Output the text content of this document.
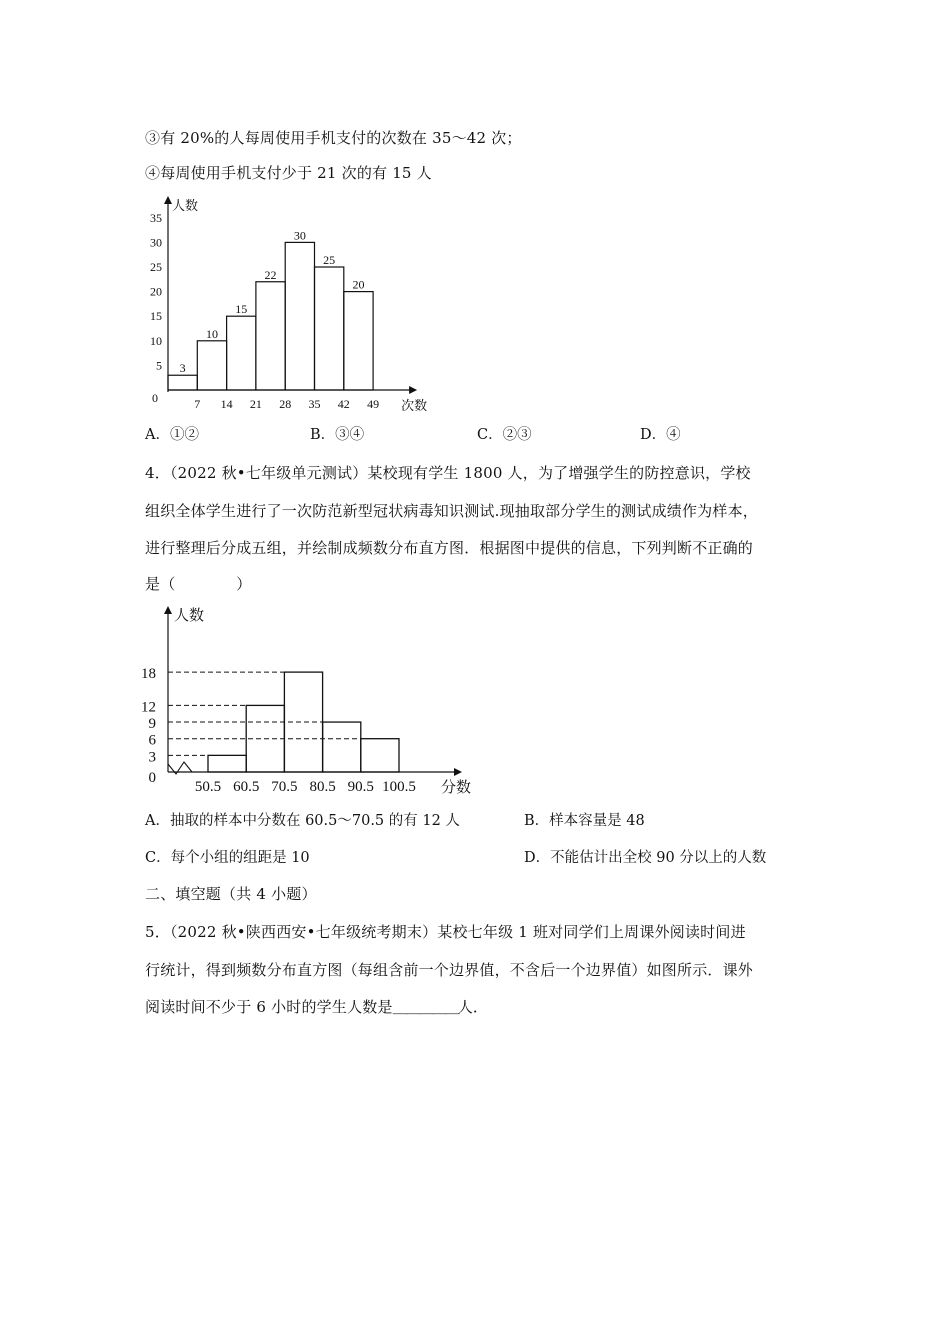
③有 20%的人每周使用手机支付的次数在 35～42 次；
④每周使用手机支付少于 21 次的有 15 人
人数
次数
0
5
10
15
20
25
30
35
7 14 21 28 35 42 49
3
10
15
22
30
25
20
A．①②	B．③④	C．②③	D．④
4．（2022 秋•七年级单元测试）某校现有学生 1800 人，为了增强学生的防控意识，学校
组织全体学生进行了一次防范新型冠状病毒知识测试.现抽取部分学生的测试成绩作为样本，
进行整理后分成五组，并绘制成频数分布直方图．根据图中提供的信息，下列判断不正确的
是（　　　　）
人数
分数
0
3
6
9
12
18
50.5 60.5 70.5 80.5 90.5 100.5
A．抽取的样本中分数在 60.5～70.5 的有 12 人	B．样本容量是 48
C．每个小组的组距是 10	D．不能估计出全校 90 分以上的人数
二、填空题（共 4 小题）
5．（2022 秋•陕西西安•七年级统考期末）某校七年级 1 班对同学们上周课外阅读时间进
行统计，得到频数分布直方图（每组含前一个边界值，不含后一个边界值）如图所示．课外
阅读时间不少于 6 小时的学生人数是＿＿＿＿＿人．
